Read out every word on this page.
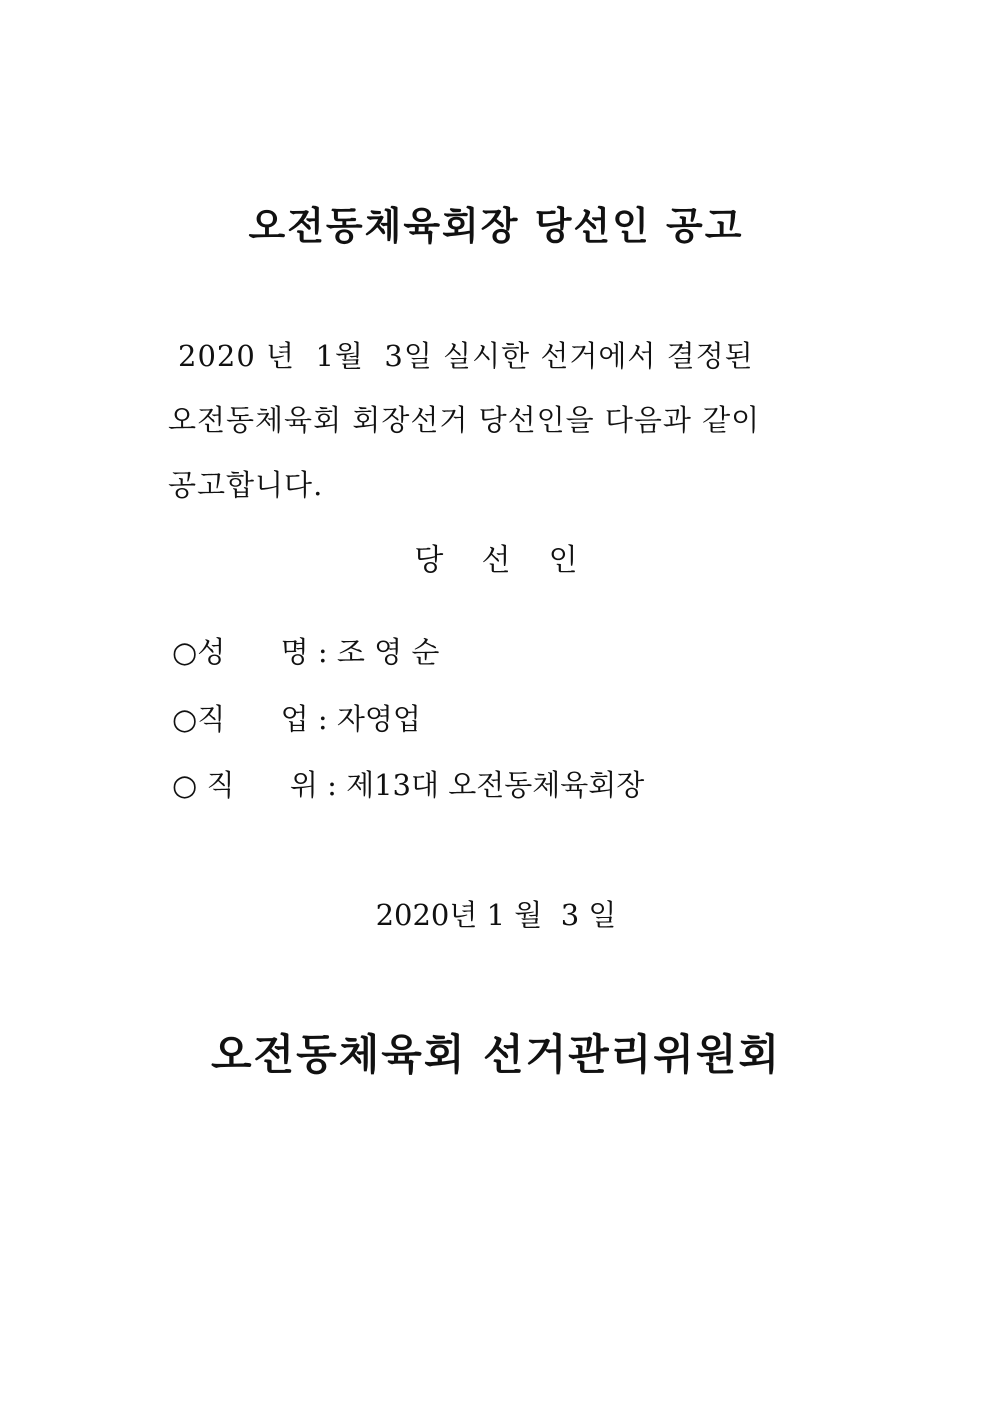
오전동체육회장 당선인 공고
2020 년  1월  3일 실시한 선거에서 결정된
오전동체육회 회장선거 당선인을 다음과 같이
공고합니다.
당    선    인
○성      명 : 조 영 순
○직      업 : 자영업
○ 직      위 : 제13대 오전동체육회장
2020년 1 월  3 일
오전동체육회 선거관리위원회
